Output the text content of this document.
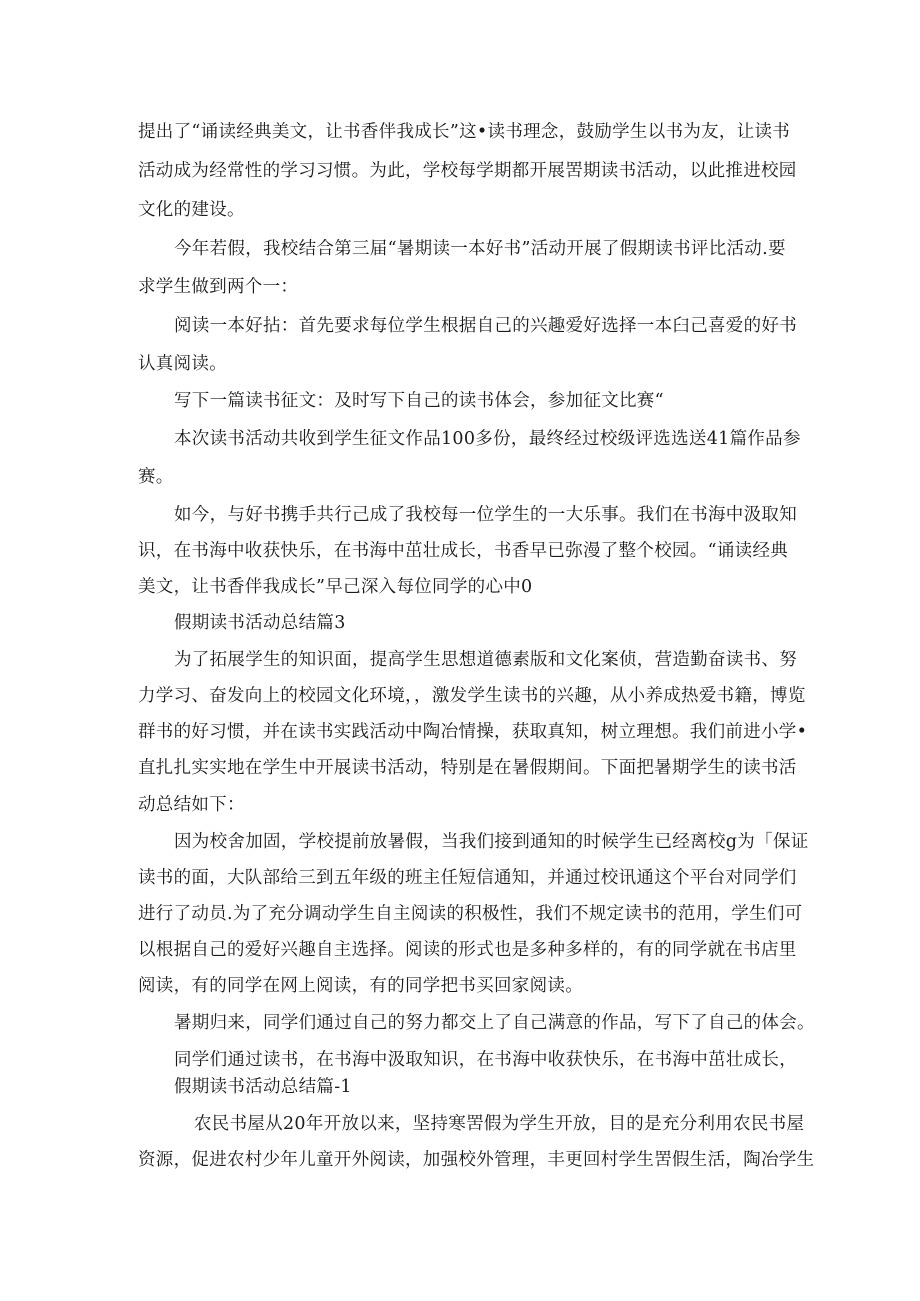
提出了“诵读经典美文，让书香伴我成长”这•读书理念，鼓励学生以书为友，让读书
活动成为经常性的学习习惯。为此，学校每学期都开展罟期读书活动，以此推进校园
文化的建设。
今年若假，我校结合第三届“暑期读一本好书”活动开展了假期读书评比活动.要
求学生做到两个一：
阅读一本好拈：首先要求每位学生根据自己的兴趣爱好选择一本臼己喜爱的好书
认真阅读。
写下一篇读书征文：及时写下自己的读书体会，参加征文比赛“
本次读书活动共收到学生征文作品100多份，最终经过校级评选选送41篇作品参
赛。
如今，与好书携手共行己成了我校每一位学生的一大乐事。我们在书海中汲取知
识，在书海中收获快乐，在书海中茁壮成长，书香早已弥漫了整个校园。“诵读经典
美文，让书香伴我成长”早己深入每位同学的心中0
假期读书活动总结篇3
为了拓展学生的知识面，提高学生思想道德素版和文化案侦，营造勤奋读书、努
力学习、奋发向上的校园文化环境，，激发学生读书的兴趣，从小养成热爱书籍，博览
群书的好习惯，并在读书实践活动中陶冶情操，获取真知，树立理想。我们前进小学•
直扎扎实实地在学生中开展读书活动，特别是在暑假期间。下面把暑期学生的读书活
动总结如下：
因为校舍加固，学校提前放暑假，当我们接到通知的时候学生已经离校g为「保证
读书的面，大队部给三到五年级的班主任短信通知，并通过校讯通这个平台对同学们
进行了动员.为了充分调动学生自主阅读的积极性，我们不规定读书的范用，学生们可
以根据自己的爱好兴趣自主选择。阅读的形式也是多种多样的，有的同学就在书店里
阅读，有的同学在网上阅读，有的同学把书买回家阅读。
暑期归来，同学们通过自己的努力都交上了自己满意的作品，写下了自己的体会。
同学们通过读书，在书海中汲取知识，在书海中收获快乐，在书海中茁壮成长，
假期读书活动总结篇-1
农民书屋从20年开放以来，坚持寒罟假为学生开放，目的是充分利用农民书屋
资源，促进农村少年儿童开外阅读，加强校外管理，丰更回村学生罟假生活，陶冶学生
